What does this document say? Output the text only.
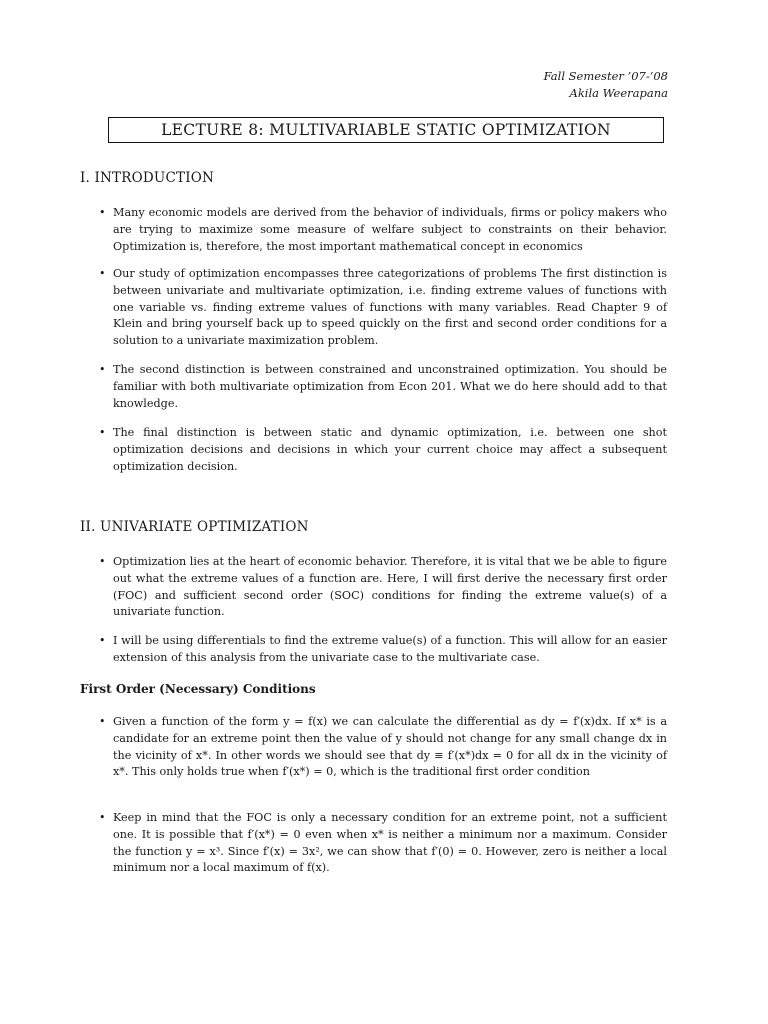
Fall Semester ’07-’08
Akila Weerapana
LECTURE 8: MULTIVARIABLE STATIC OPTIMIZATION
I. INTRODUCTION
• Many economic models are derived from the behavior of individuals, firms or policy makers who are trying to maximize some measure of welfare subject to constraints on their behavior. Optimization is, therefore, the most important mathematical concept in economics
• Our study of optimization encompasses three categorizations of problems The first distinction is between univariate and multivariate optimization, i.e. finding extreme values of functions with one variable vs. finding extreme values of functions with many variables. Read Chapter 9 of Klein and bring yourself back up to speed quickly on the first and second order conditions for a solution to a univariate maximization problem.
• The second distinction is between constrained and unconstrained optimization. You should be familiar with both multivariate optimization from Econ 201. What we do here should add to that knowledge.
• The final distinction is between static and dynamic optimization, i.e. between one shot optimization decisions and decisions in which your current choice may affect a subsequent optimization decision.
II. UNIVARIATE OPTIMIZATION
• Optimization lies at the heart of economic behavior. Therefore, it is vital that we be able to figure out what the extreme values of a function are. Here, I will first derive the necessary first order (FOC) and sufficient second order (SOC) conditions for finding the extreme value(s) of a univariate function.
• I will be using differentials to find the extreme value(s) of a function. This will allow for an easier extension of this analysis from the univariate case to the multivariate case.
First Order (Necessary) Conditions
• Given a function of the form y = f(x) we can calculate the differential as dy = f′(x)dx. If x* is a candidate for an extreme point then the value of y should not change for any small change dx in the vicinity of x*. In other words we should see that dy ≡ f′(x*)dx = 0 for all dx in the vicinity of x*. This only holds true when f′(x*) = 0, which is the traditional first order condition
• Keep in mind that the FOC is only a necessary condition for an extreme point, not a sufficient one. It is possible that f′(x*) = 0 even when x* is neither a minimum nor a maximum. Consider the function y = x³. Since f′(x) = 3x², we can show that f′(0) = 0. However, zero is neither a local minimum nor a local maximum of f(x).
